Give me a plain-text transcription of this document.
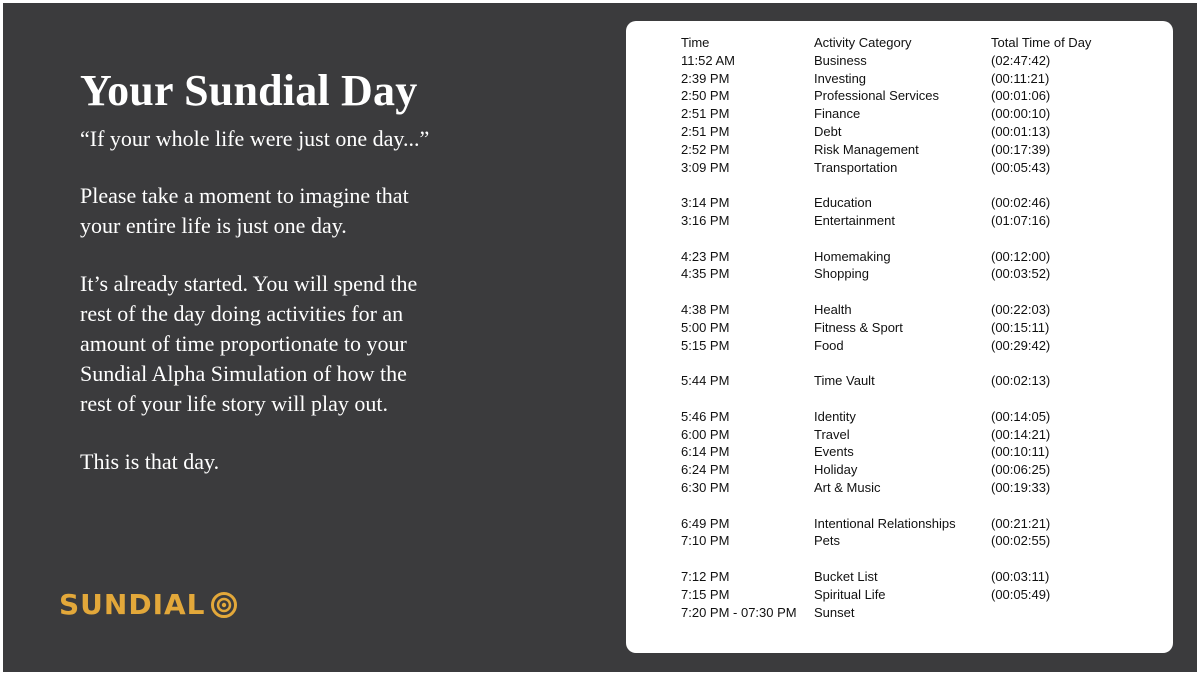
Your Sundial Day
“If your whole life were just one day...”
Please take a moment to imagine that
your entire life is just one day.
It’s already started. You will spend the
rest of the day doing activities for an
amount of time proportionate to your
Sundial Alpha Simulation of how the
rest of your life story will play out.
This is that day.
SUNDIAL
Time	Activity Category	Total Time of Day
11:52 AM	Business	(02:47:42)
2:39 PM	Investing	(00:11:21)
2:50 PM	Professional Services	(00:01:06)
2:51 PM	Finance	(00:00:10)
2:51 PM	Debt	(00:01:13)
2:52 PM	Risk Management	(00:17:39)
3:09 PM	Transportation	(00:05:43)
3:14 PM	Education	(00:02:46)
3:16 PM	Entertainment	(01:07:16)
4:23 PM	Homemaking	(00:12:00)
4:35 PM	Shopping	(00:03:52)
4:38 PM	Health	(00:22:03)
5:00 PM	Fitness & Sport	(00:15:11)
5:15 PM	Food	(00:29:42)
5:44 PM	Time Vault	(00:02:13)
5:46 PM	Identity	(00:14:05)
6:00 PM	Travel	(00:14:21)
6:14 PM	Events	(00:10:11)
6:24 PM	Holiday	(00:06:25)
6:30 PM	Art & Music	(00:19:33)
6:49 PM	Intentional Relationships	(00:21:21)
7:10 PM	Pets	(00:02:55)
7:12 PM	Bucket List	(00:03:11)
7:15 PM	Spiritual Life	(00:05:49)
7:20 PM - 07:30 PM	Sunset
